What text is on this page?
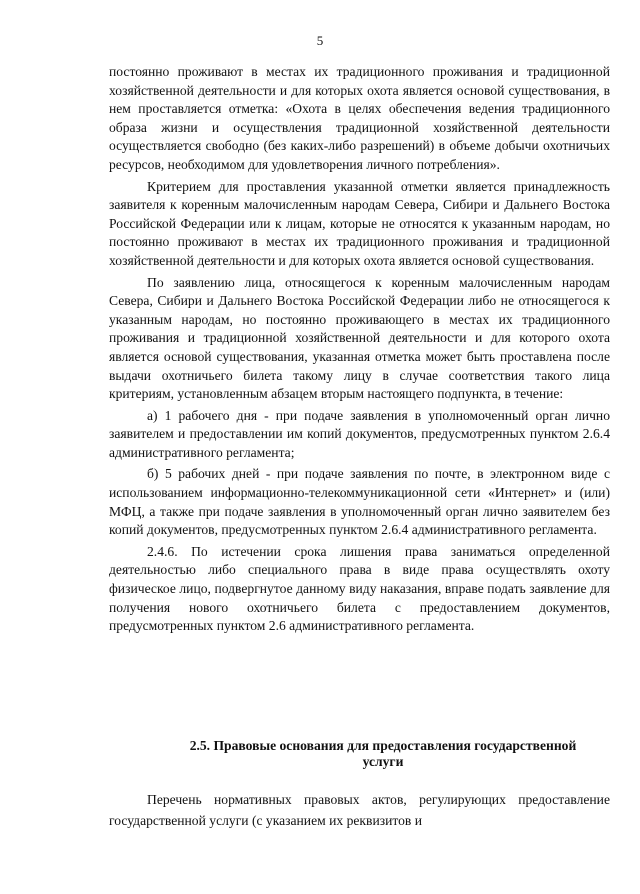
5

постоянно проживают в местах их традиционного проживания и традиционной хозяйственной деятельности и для которых охота является основой существования, в нем проставляется отметка: «Охота в целях обеспечения ведения традиционного образа жизни и осуществления традиционной хозяйственной деятельности осуществляется свободно (без каких-либо разрешений) в объеме добычи охотничьих ресурсов, необходимом для удовлетворения личного потребления».

Критерием для проставления указанной отметки является принадлежность заявителя к коренным малочисленным народам Севера, Сибири и Дальнего Востока Российской Федерации или к лицам, которые не относятся к указанным народам, но постоянно проживают в местах их традиционного проживания и традиционной хозяйственной деятельности и для которых охота является основой существования.

По заявлению лица, относящегося к коренным малочисленным народам Севера, Сибири и Дальнего Востока Российской Федерации либо не относящегося к указанным народам, но постоянно проживающего в местах их традиционного проживания и традиционной хозяйственной деятельности и для которого охота является основой существования, указанная отметка может быть проставлена после выдачи охотничьего билета такому лицу в случае соответствия такого лица критериям, установленным абзацем вторым настоящего подпункта, в течение:

а) 1 рабочего дня - при подаче заявления в уполномоченный орган лично заявителем и предоставлении им копий документов, предусмотренных пунктом 2.6.4 административного регламента;

б) 5 рабочих дней - при подаче заявления по почте, в электронном виде с использованием информационно-телекоммуникационной сети «Интернет» и (или) МФЦ, а также при подаче заявления в уполномоченный орган лично заявителем без копий документов, предусмотренных пунктом 2.6.4 административного регламента.

2.4.6. По истечении срока лишения права заниматься определенной деятельностью либо специального права в виде права осуществлять охоту физическое лицо, подвергнутое данному виду наказания, вправе подать заявление для получения нового охотничьего билета с предоставлением документов, предусмотренных пунктом 2.6 административного регламента.

2.5. Правовые основания для предоставления государственной
услуги

Перечень нормативных правовых актов, регулирующих предоставление государственной услуги (с указанием их реквизитов и
